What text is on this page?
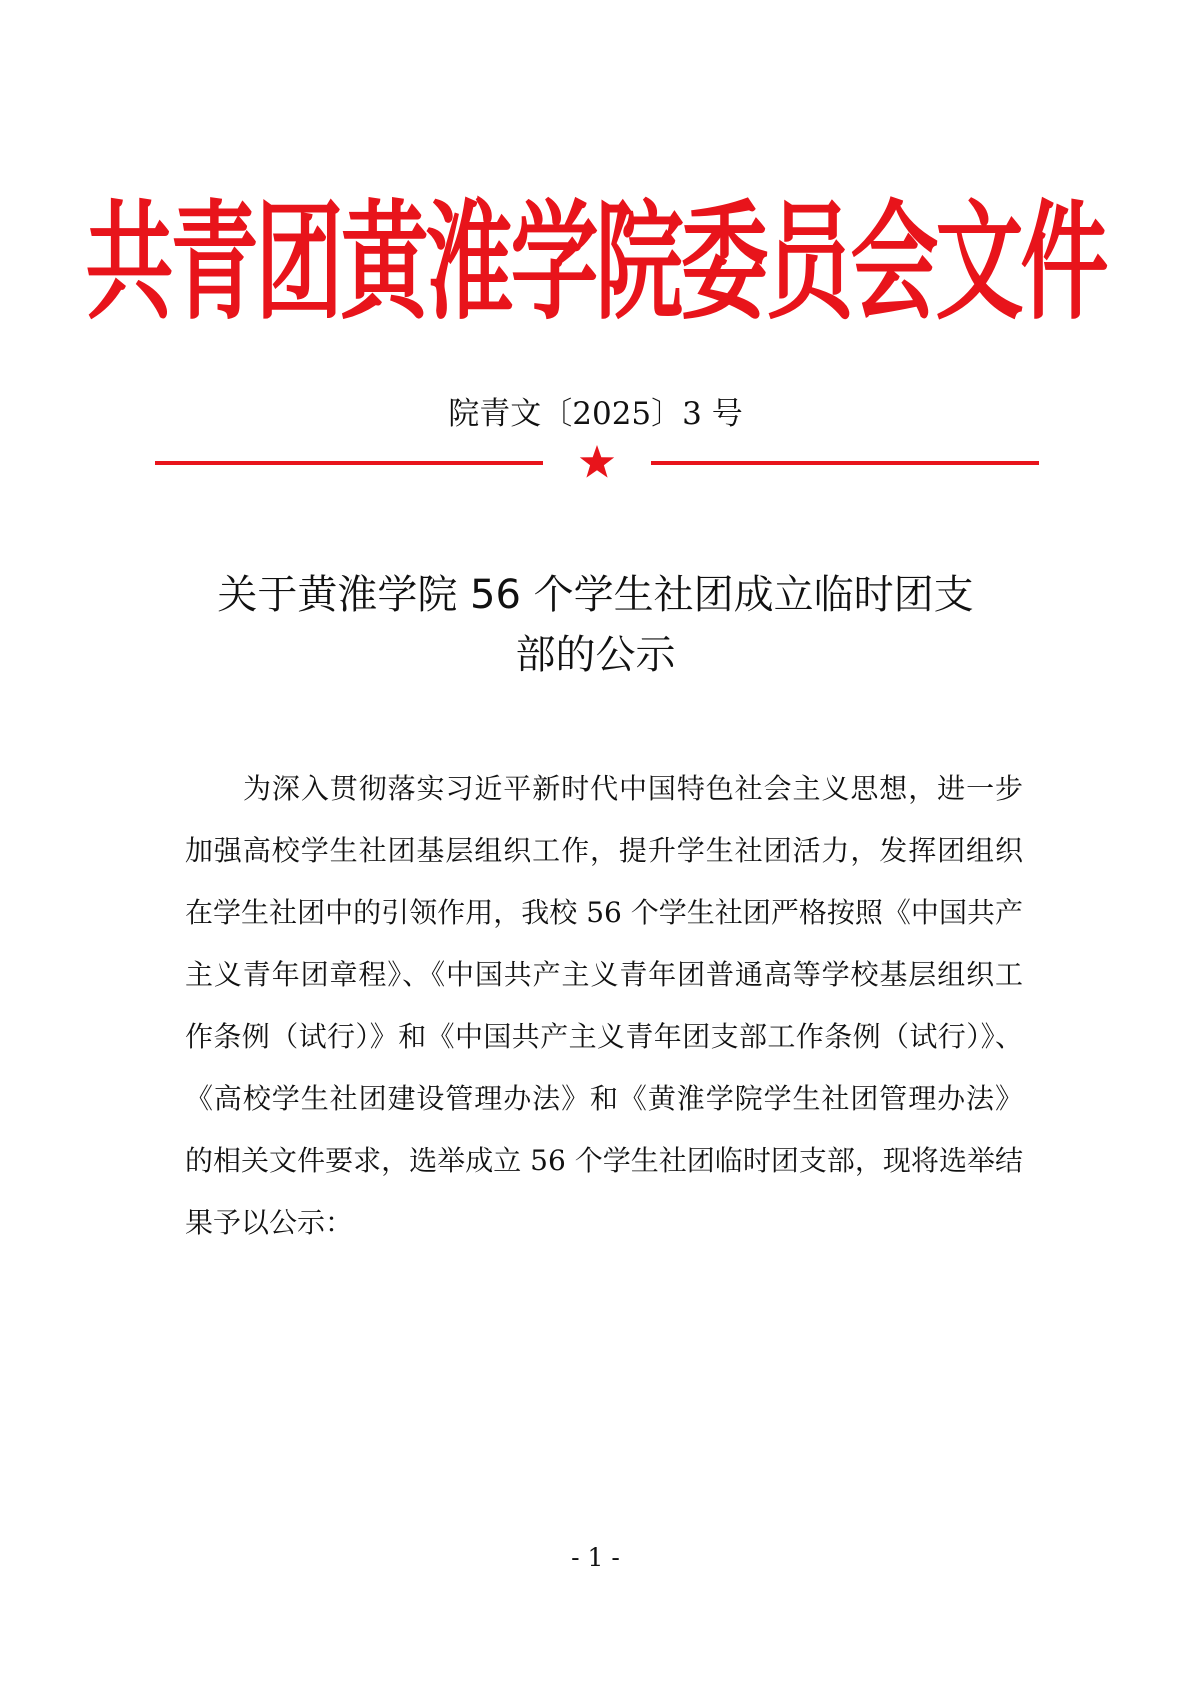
共青团黄淮学院委员会文件
院青文〔2025〕3 号
关于黄淮学院 56 个学生社团成立临时团支
部的公示

为深入贯彻落实习近平新时代中国特色社会主义思想，进一步加强高校学生社团基层组织工作，提升学生社团活力，发挥团组织在学生社团中的引领作用，我校 56 个学生社团严格按照《中国共产主义青年团章程》、《中国共产主义青年团普通高等学校基层组织工作条例（试行）》和《中国共产主义青年团支部工作条例（试行）》、《高校学生社团建设管理办法》和《黄淮学院学生社团管理办法》的相关文件要求，选举成立 56 个学生社团临时团支部，现将选举结果予以公示：

- 1 -
